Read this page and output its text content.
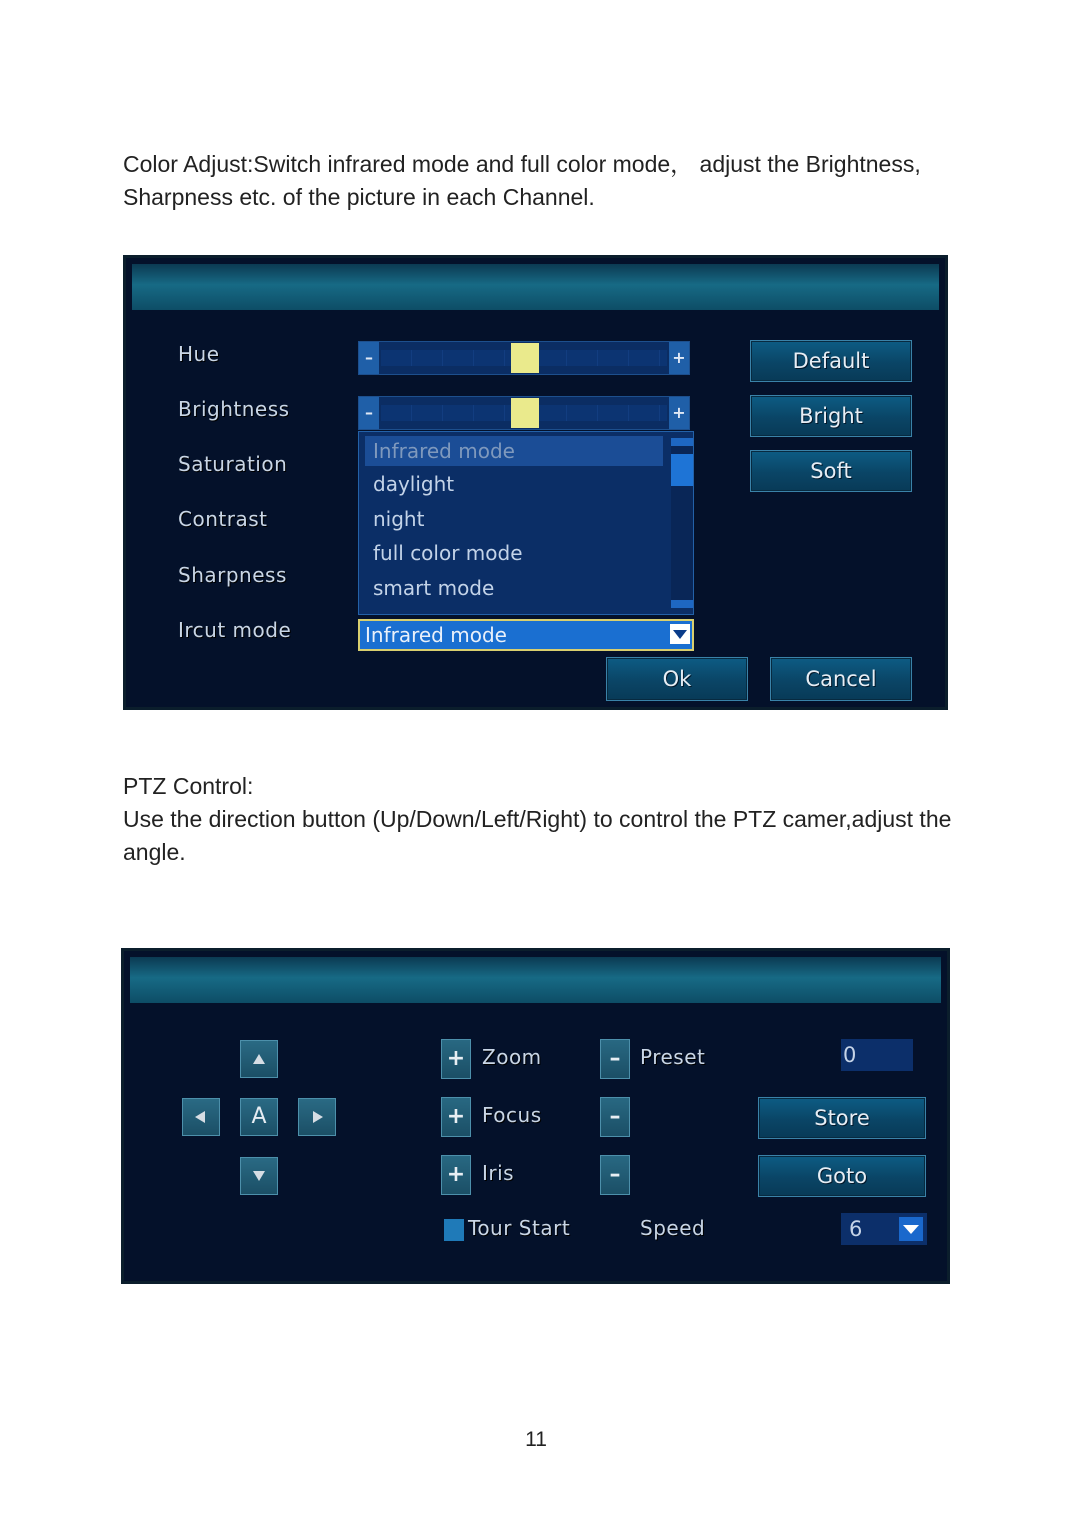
Color Adjust:Switch infrared mode and full color mode， adjust the Brightness, Sharpness etc. of the picture in each Channel.

Hue
Brightness
Saturation
Contrast
Sharpness
Ircut mode
–	+
–	+
Infrared mode
daylight
night
full color mode
smart mode
Infrared mode
Default
Bright
Soft
Ok	Cancel
PTZ Control:
Use the direction button (Up/Down/Left/Right) to control the PTZ camer,adjust the angle.
A
+ Zoom
+ Focus
+ Iris
– Preset
–
–
0
Store
Goto
Tour Start	Speed	6
11
